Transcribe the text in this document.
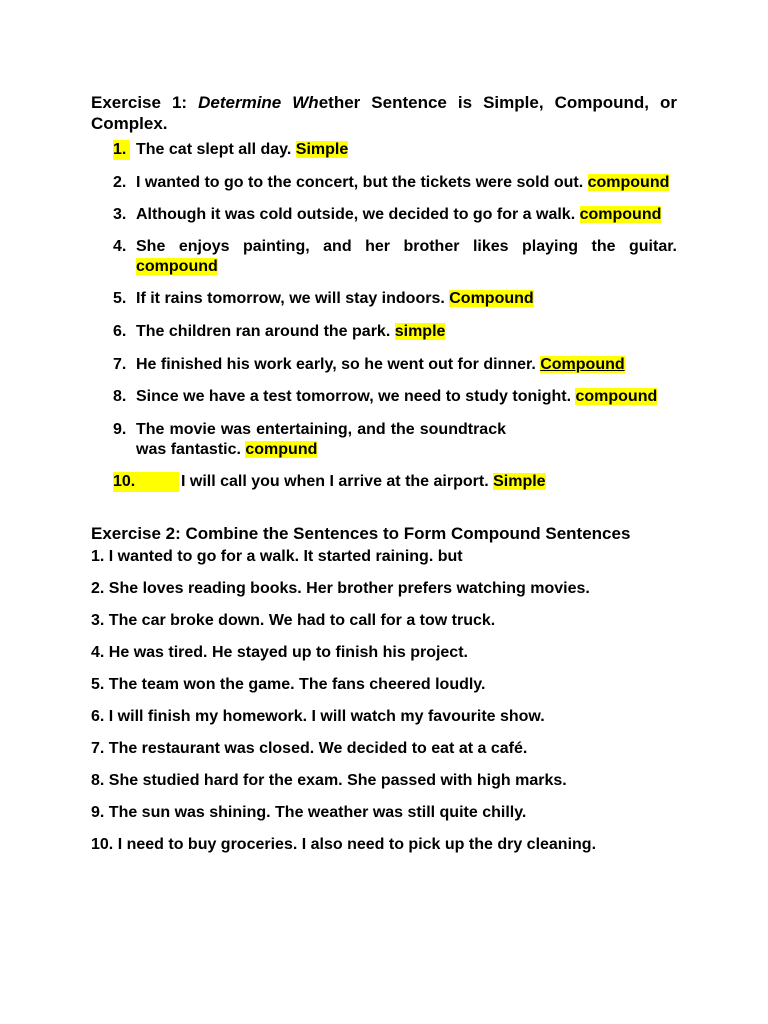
Exercise 1: Determine Whether Sentence is Simple, Compound, or Complex.

1. The cat slept all day. Simple
2. I wanted to go to the concert, but the tickets were sold out. compound
3. Although it was cold outside, we decided to go for a walk. compound
4. She enjoys painting, and her brother likes playing the guitar. compound
5. If it rains tomorrow, we will stay indoors. Compound
6. The children ran around the park. simple
7. He finished his work early, so he went out for dinner. Compound
8. Since we have a test tomorrow, we need to study tonight. compound
9. The movie was entertaining, and the soundtrack was fantastic. compund
10.	I will call you when I arrive at the airport. Simple

Exercise 2: Combine the Sentences to Form Compound Sentences

1. I wanted to go for a walk. It started raining. but
2. She loves reading books. Her brother prefers watching movies.
3. The car broke down. We had to call for a tow truck.
4. He was tired. He stayed up to finish his project.
5. The team won the game. The fans cheered loudly.
6. I will finish my homework. I will watch my favourite show.
7. The restaurant was closed. We decided to eat at a café.
8. She studied hard for the exam. She passed with high marks.
9. The sun was shining. The weather was still quite chilly.
10. I need to buy groceries. I also need to pick up the dry cleaning.
